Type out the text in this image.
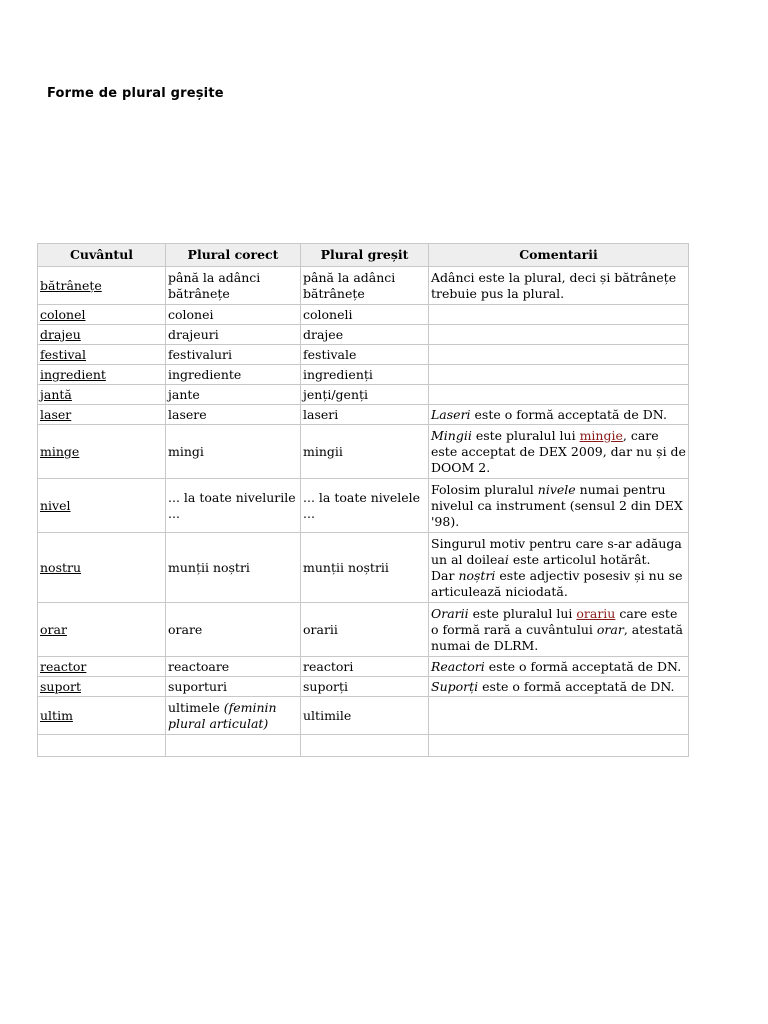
Forme de plural greșite
Cuvântul	Plural corect	Plural greșit	Comentarii
bătrânețe	până la adânci bătrânețe	până la adânci bătrânețe	Adânci este la plural, deci și bătrânețe trebuie pus la plural.
colonel	colonei	coloneli	
drajeu	drajeuri	drajee	
festival	festivaluri	festivale	
ingredient	ingrediente	ingredienți	
jantă	jante	jenți/genți	
laser	lasere	laseri	Laseri este o formă acceptată de DN.
minge	mingi	mingii	Mingii este pluralul lui mingie, care este acceptat de DEX 2009, dar nu și de DOOM 2.
nivel	... la toate nivelurile ...	... la toate nivelele ...	Folosim pluralul nivele numai pentru nivelul ca instrument (sensul 2 din DEX '98).
nostru	munții noștri	munții noștrii	Singurul motiv pentru care s-ar adăuga un al doileai este articolul hotărât.
Dar noștri este adjectiv posesiv și nu se articulează niciodată.
orar	orare	orarii	Orarii este pluralul lui orariu care este o formă rară a cuvântului orar, atestată numai de DLRM.
reactor	reactoare	reactori	Reactori este o formă acceptată de DN.
suport	suporturi	suporți	Suporți este o formă acceptată de DN.
ultim	ultimele (feminin plural articulat)	ultimile	
